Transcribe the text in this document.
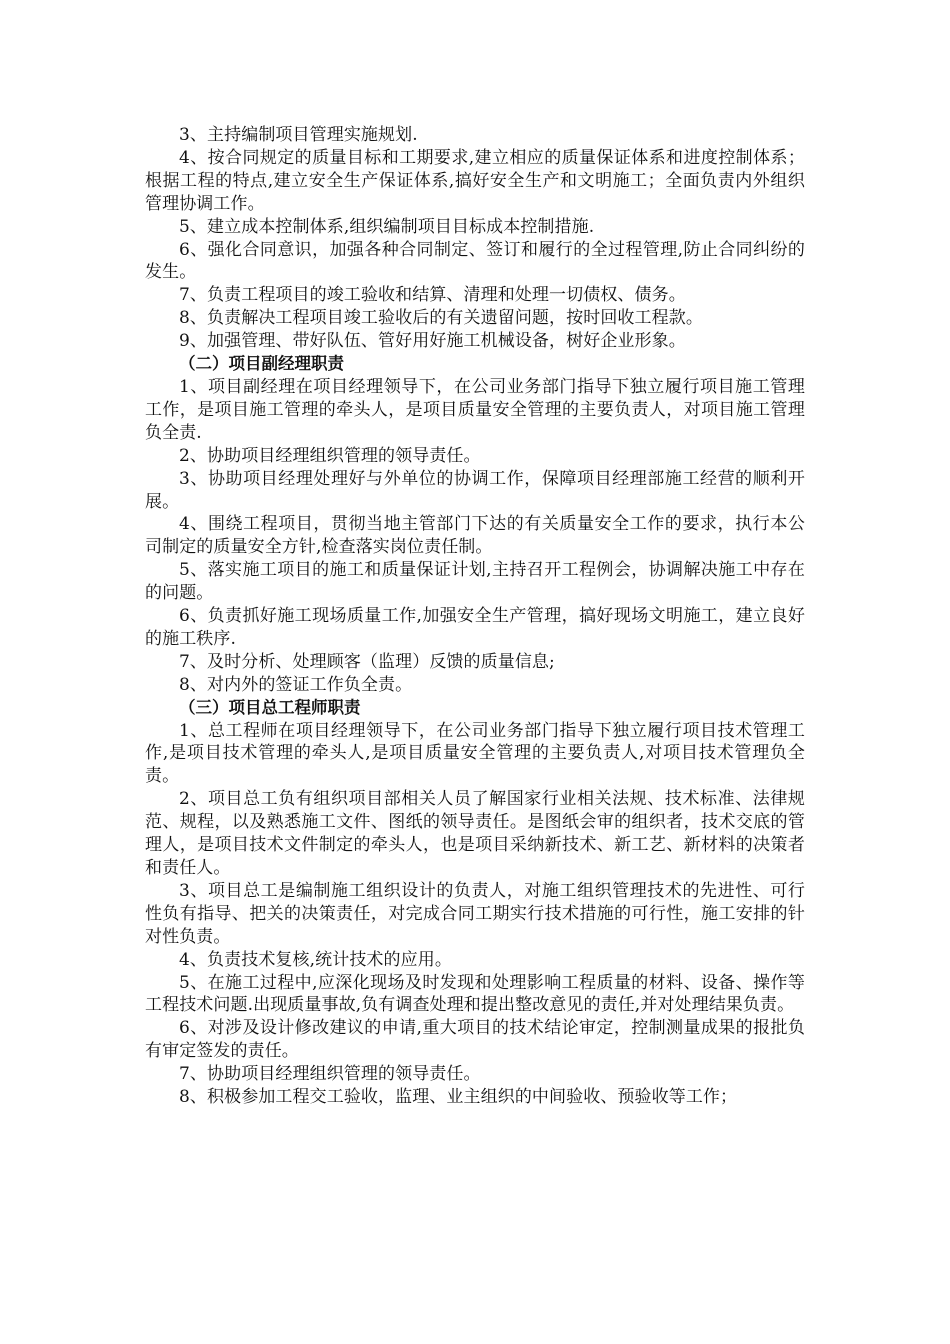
3、主持编制项目管理实施规划.

4、按合同规定的质量目标和工期要求,建立相应的质量保证体系和进度控制体系；根据工程的特点,建立安全生产保证体系,搞好安全生产和文明施工；全面负责内外组织管理协调工作。

5、建立成本控制体系,组织编制项目目标成本控制措施.

6、强化合同意识，加强各种合同制定、签订和履行的全过程管理,防止合同纠纷的发生。

7、负责工程项目的竣工验收和结算、清理和处理一切债权、债务。

8、负责解决工程项目竣工验收后的有关遗留问题，按时回收工程款。

9、加强管理、带好队伍、管好用好施工机械设备，树好企业形象。

（二）项目副经理职责

1、项目副经理在项目经理领导下，在公司业务部门指导下独立履行项目施工管理工作，是项目施工管理的牵头人，是项目质量安全管理的主要负责人，对项目施工管理负全责.

2、协助项目经理组织管理的领导责任。

3、协助项目经理处理好与外单位的协调工作，保障项目经理部施工经营的顺利开展。

4、围绕工程项目，贯彻当地主管部门下达的有关质量安全工作的要求，执行本公司制定的质量安全方针,检查落实岗位责任制。

5、落实施工项目的施工和质量保证计划,主持召开工程例会，协调解决施工中存在的问题。

6、负责抓好施工现场质量工作,加强安全生产管理，搞好现场文明施工，建立良好的施工秩序.

7、及时分析、处理顾客（监理）反馈的质量信息;

8、对内外的签证工作负全责。

（三）项目总工程师职责

1、总工程师在项目经理领导下，在公司业务部门指导下独立履行项目技术管理工作,是项目技术管理的牵头人,是项目质量安全管理的主要负责人,对项目技术管理负全责。

2、项目总工负有组织项目部相关人员了解国家行业相关法规、技术标准、法律规范、规程，以及熟悉施工文件、图纸的领导责任。是图纸会审的组织者，技术交底的管理人，是项目技术文件制定的牵头人，也是项目采纳新技术、新工艺、新材料的决策者和责任人。

3、项目总工是编制施工组织设计的负责人，对施工组织管理技术的先进性、可行性负有指导、把关的决策责任，对完成合同工期实行技术措施的可行性，施工安排的针对性负责。

4、负责技术复核,统计技术的应用。

5、在施工过程中,应深化现场及时发现和处理影响工程质量的材料、设备、操作等工程技术问题.出现质量事故,负有调查处理和提出整改意见的责任,并对处理结果负责。

6、对涉及设计修改建议的申请,重大项目的技术结论审定，控制测量成果的报批负有审定签发的责任。

7、协助项目经理组织管理的领导责任。

8、积极参加工程交工验收，监理、业主组织的中间验收、预验收等工作；
